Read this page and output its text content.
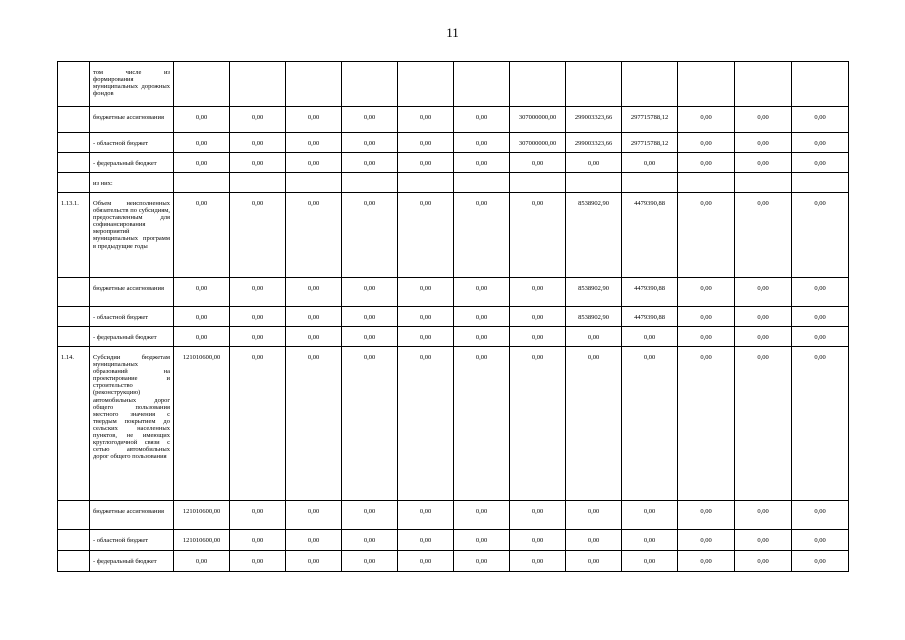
11
	том числе из формирования муниципальных дорожных фондов												
	бюджетные ассигнования	0,00	0,00	0,00	0,00	0,00	0,00	307000000,00	299003323,66	297715788,12	0,00	0,00	0,00
	- областной бюджет	0,00	0,00	0,00	0,00	0,00	0,00	307000000,00	299003323,66	297715788,12	0,00	0,00	0,00
	- федеральный бюджет	0,00	0,00	0,00	0,00	0,00	0,00	0,00	0,00	0,00	0,00	0,00	0,00
	из них:												
1.13.1.	Объем неисполненных обязательств по субсидиям, предоставленным для софинансирования мероприятий муниципальных программ в предыдущие годы	0,00	0,00	0,00	0,00	0,00	0,00	0,00	8538902,90	4479390,88	0,00	0,00	0,00
	бюджетные ассигнования	0,00	0,00	0,00	0,00	0,00	0,00	0,00	8538902,90	4479390,88	0,00	0,00	0,00
	- областной бюджет	0,00	0,00	0,00	0,00	0,00	0,00	0,00	8538902,90	4479390,88	0,00	0,00	0,00
	- федеральный бюджет	0,00	0,00	0,00	0,00	0,00	0,00	0,00	0,00	0,00	0,00	0,00	0,00
1.14.	Субсидии бюджетам муниципальных образований на проектирование и строительство (реконструкцию) автомобильных дорог общего пользования местного значения с твердым покрытием до сельских населенных пунктов, не имеющих круглогодичной связи с сетью автомобильных дорог общего пользования	121010600,00	0,00	0,00	0,00	0,00	0,00	0,00	0,00	0,00	0,00	0,00	0,00
	бюджетные ассигнования	121010600,00	0,00	0,00	0,00	0,00	0,00	0,00	0,00	0,00	0,00	0,00	0,00
	- областной бюджет	121010600,00	0,00	0,00	0,00	0,00	0,00	0,00	0,00	0,00	0,00	0,00	0,00
	- федеральный бюджет	0,00	0,00	0,00	0,00	0,00	0,00	0,00	0,00	0,00	0,00	0,00	0,00
